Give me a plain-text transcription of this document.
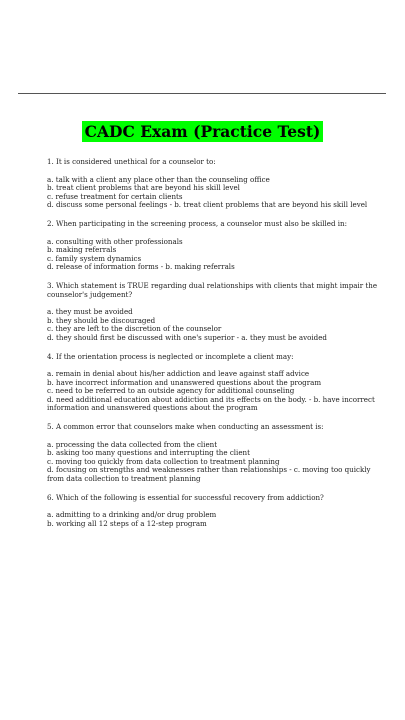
CADC Exam (Practice Test)

1. It is considered unethical for a counselor to:

a. talk with a client any place other than the counseling office

b. treat client problems that are beyond his skill level

c. refuse treatment for certain clients

d. discuss some personal feelings - b. treat client problems that are beyond his skill level

2. When participating in the screening process, a counselor must also be skilled in:

a. consulting with other professionals

b. making referrals

c. family system dynamics

d. release of information forms - b. making referrals

3. Which statement is TRUE regarding dual relationships with clients that might impair the counselor's judgement?

a. they must be avoided

b. they should be discouraged

c. they are left to the discretion of the counselor

d. they should first be discussed with one's superior - a. they must be avoided

4. If the orientation process is neglected or incomplete a client may:

a. remain in denial about his/her addiction and leave against staff advice

b. have incorrect information and unanswered questions about the program

c. need to be referred to an outside agency for additional counseling

d. need additional education about addiction and its effects on the body. - b. have incorrect information and unanswered questions about the program

5. A common error that counselors make when conducting an assessment is:

a. processing the data collected from the client

b. asking too many questions and interrupting the client

c. moving too quickly from data collection to treatment planning

d. focusing on strengths and weaknesses rather than relationships - c. moving too quickly from data collection to treatment planning

6. Which of the following is essential for successful recovery from addiction?

a. admitting to a drinking and/or drug problem

b. working all 12 steps of a 12-step program
